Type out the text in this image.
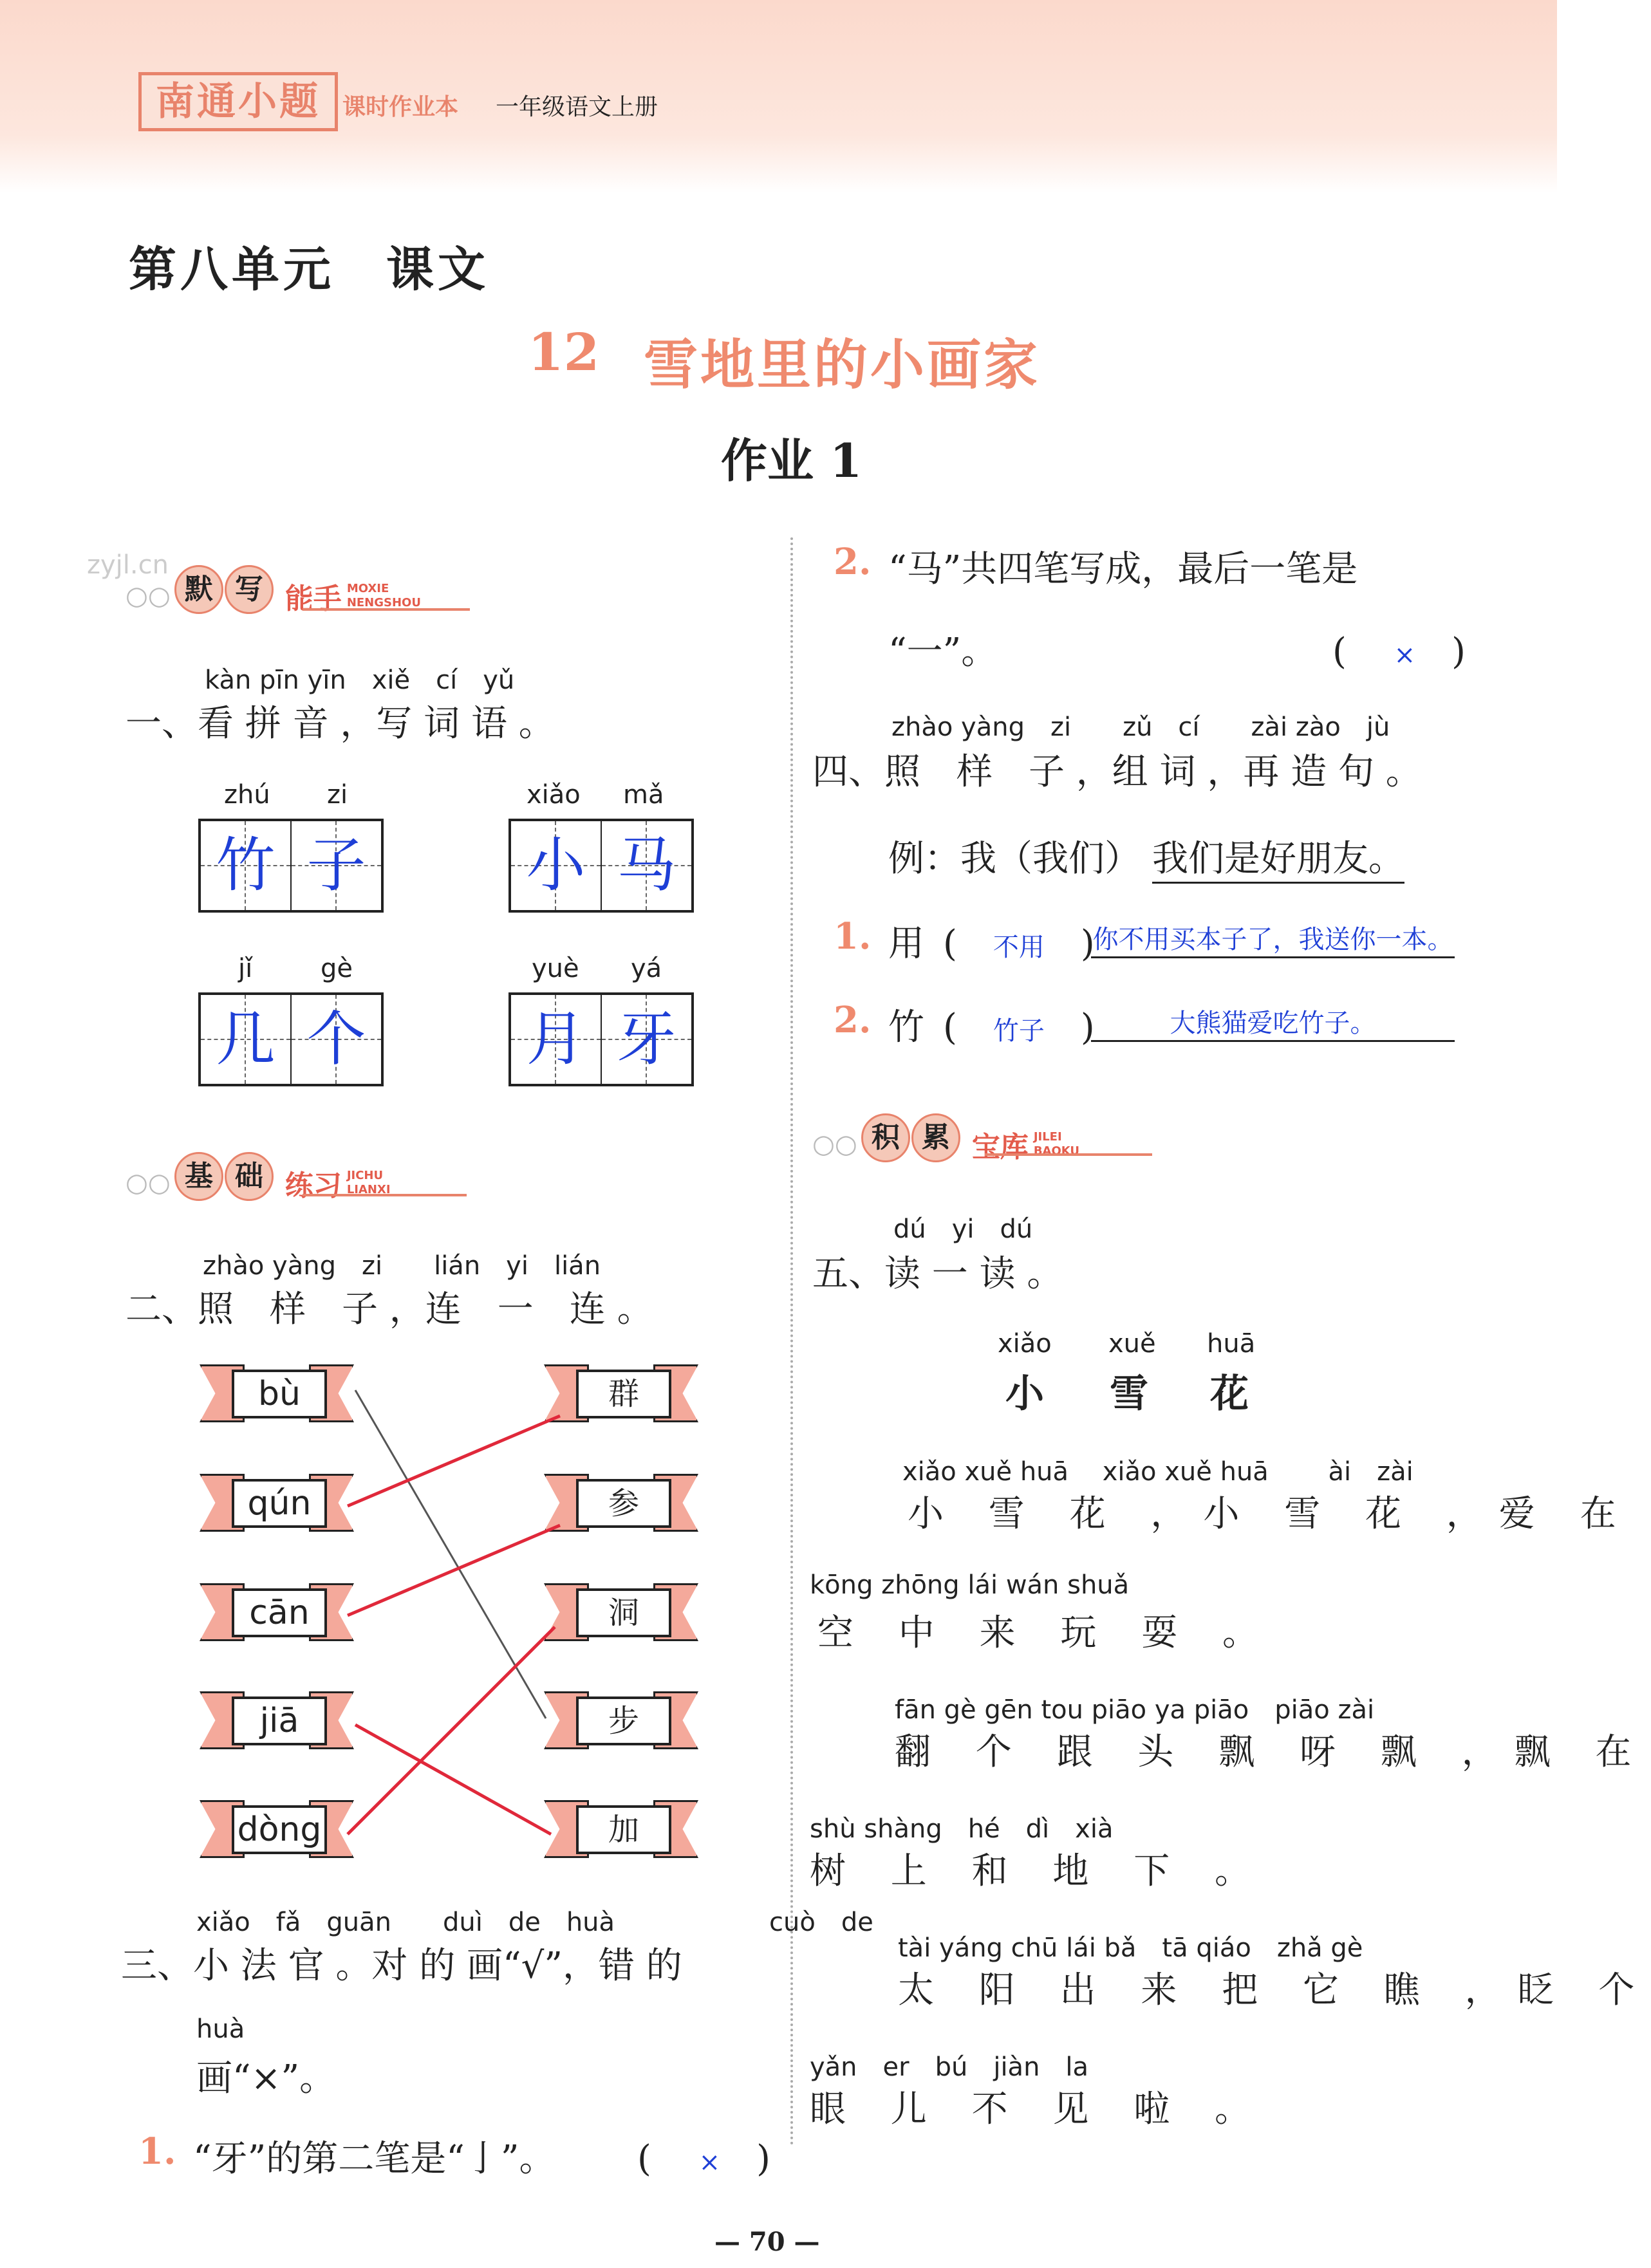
南通小题 课时作业本 一年级语文上册
第八单元　课文
12 雪地里的小画家
作业 1
zyjl.cn
○○ 默 写 能手 MOXIE
NENGSHOU
kàn pīn yīn　xiě　cí　yǔ
一、看 拼 音 ，写 词 语 。
zhú zi
竹 子
xiǎo mǎ
小 马
jǐ	gè
几 个
yuè yá
月 牙
○○ 基 础 练习 JICHU
LIANXI
zhào yàng　zi　　lián　yi　lián
二、照　样　子 ，连　一　连 。
bù
qún
cān
jiā
dòng
群
参
洞
步
加
xiǎo　fǎ　guān　　duì　de　huà　　　　　　cuò　de
三、小 法 官 。对 的 画“√”，错 的
huà
画“×”。
1. “牙”的第二笔是“亅”。 (　 ×　)
2. “马”共四笔写成，最后一笔是
“一”。	(　 ×　)
zhào yàng　zi　　zǔ　cí　　zài zào　jù
四、照　样　子 ，组 词 ，再 造 句 。
例：我（我们） 我们是好朋友。
1. 用 (　不用　)
你不用买本子了，我送你一本。
2. 竹 (　竹子　)	大熊猫爱吃竹子。
○○ 积 累 宝库 JILEI
BAOKU
dú　yi　dú
五、读 一 读 。
xiǎo xuě huā
小 雪 花
xiǎo xuě huā　 xiǎo xuě huā　　 ài　zài
小 雪 花 ，小 雪 花 ，爱 在
kōng zhōng lái wán shuǎ
空 中 来 玩 耍 。
fān gè gēn tou piāo ya piāo　piāo zài
翻 个 跟 头 飘 呀 飘 ，飘 在
shù shàng　hé　dì　xià
树 上 和 地 下 。
tài yáng chū lái bǎ　tā qiáo　zhǎ gè
太 阳 出 来 把 它 瞧 ，眨 个
yǎn　er　bú　jiàn　la
眼 儿 不 见 啦 。
— 70 —
